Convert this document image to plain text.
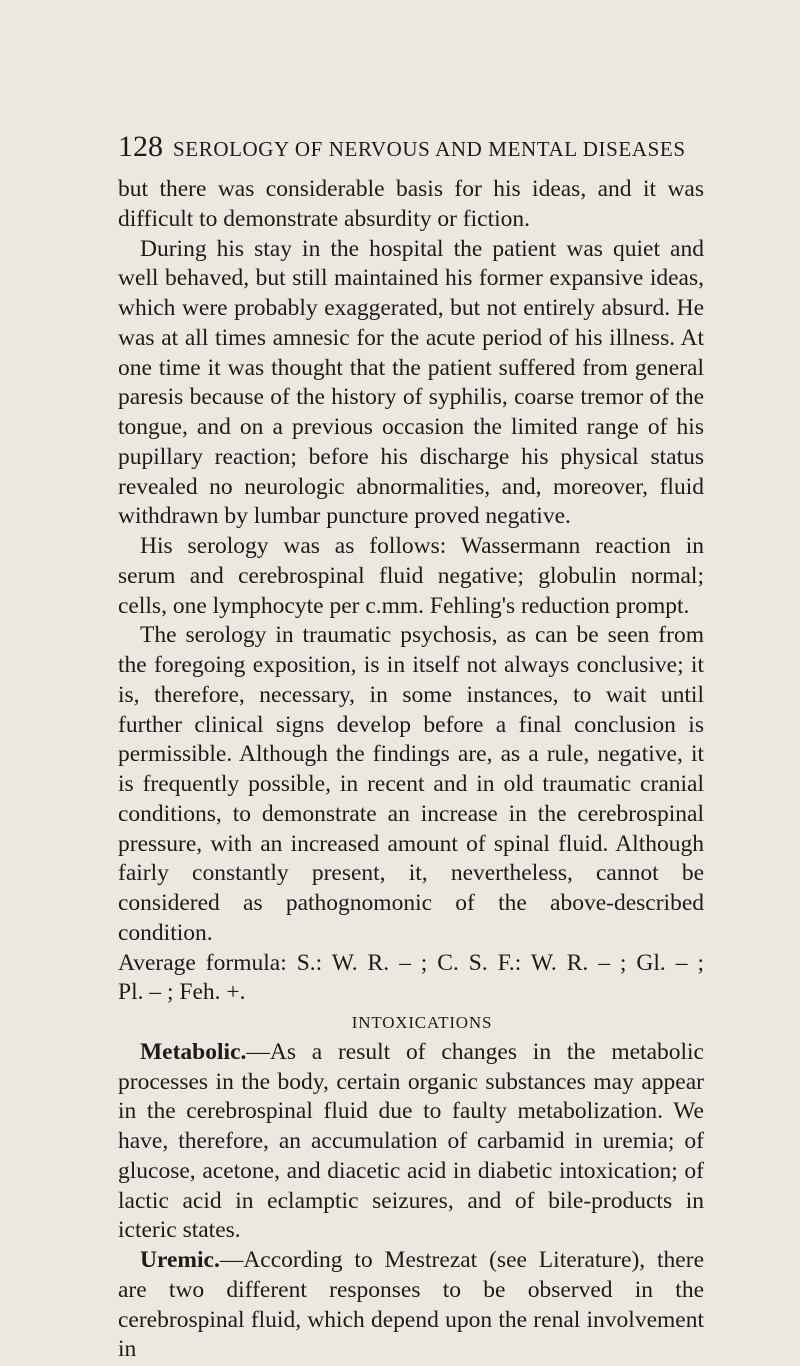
128 SEROLOGY OF NERVOUS AND MENTAL DISEASES

but there was considerable basis for his ideas, and it was difficult to demonstrate absurdity or fiction.

During his stay in the hospital the patient was quiet and well behaved, but still maintained his former expansive ideas, which were probably exaggerated, but not entirely absurd. He was at all times amnesic for the acute period of his illness. At one time it was thought that the patient suffered from general paresis because of the history of syphilis, coarse tremor of the tongue, and on a previous occasion the limited range of his pupillary reaction; before his discharge his physical status revealed no neurologic abnormalities, and, moreover, fluid withdrawn by lumbar puncture proved negative.

His serology was as follows: Wassermann reaction in serum and cerebrospinal fluid negative; globulin normal; cells, one lymphocyte per c.mm. Fehling's reduction prompt.

The serology in traumatic psychosis, as can be seen from the foregoing exposition, is in itself not always conclusive; it is, therefore, necessary, in some instances, to wait until further clinical signs develop before a final conclusion is permissible. Although the findings are, as a rule, negative, it is frequently possible, in recent and in old traumatic cranial conditions, to demonstrate an increase in the cerebrospinal pressure, with an increased amount of spinal fluid. Although fairly constantly present, it, nevertheless, cannot be considered as pathognomonic of the above-described condition.

Average formula: S.: W. R. – ; C. S. F.: W. R. – ; Gl. – ;

Pl. – ; Feh. +.

INTOXICATIONS

Metabolic.—As a result of changes in the metabolic processes in the body, certain organic substances may appear in the cerebrospinal fluid due to faulty metabolization. We have, therefore, an accumulation of carbamid in uremia; of glucose, acetone, and diacetic acid in diabetic intoxication; of lactic acid in eclamptic seizures, and of bile-products in icteric states.

Uremic.—According to Mestrezat (see Literature), there are two different responses to be observed in the cerebrospinal fluid, which depend upon the renal involvement in
